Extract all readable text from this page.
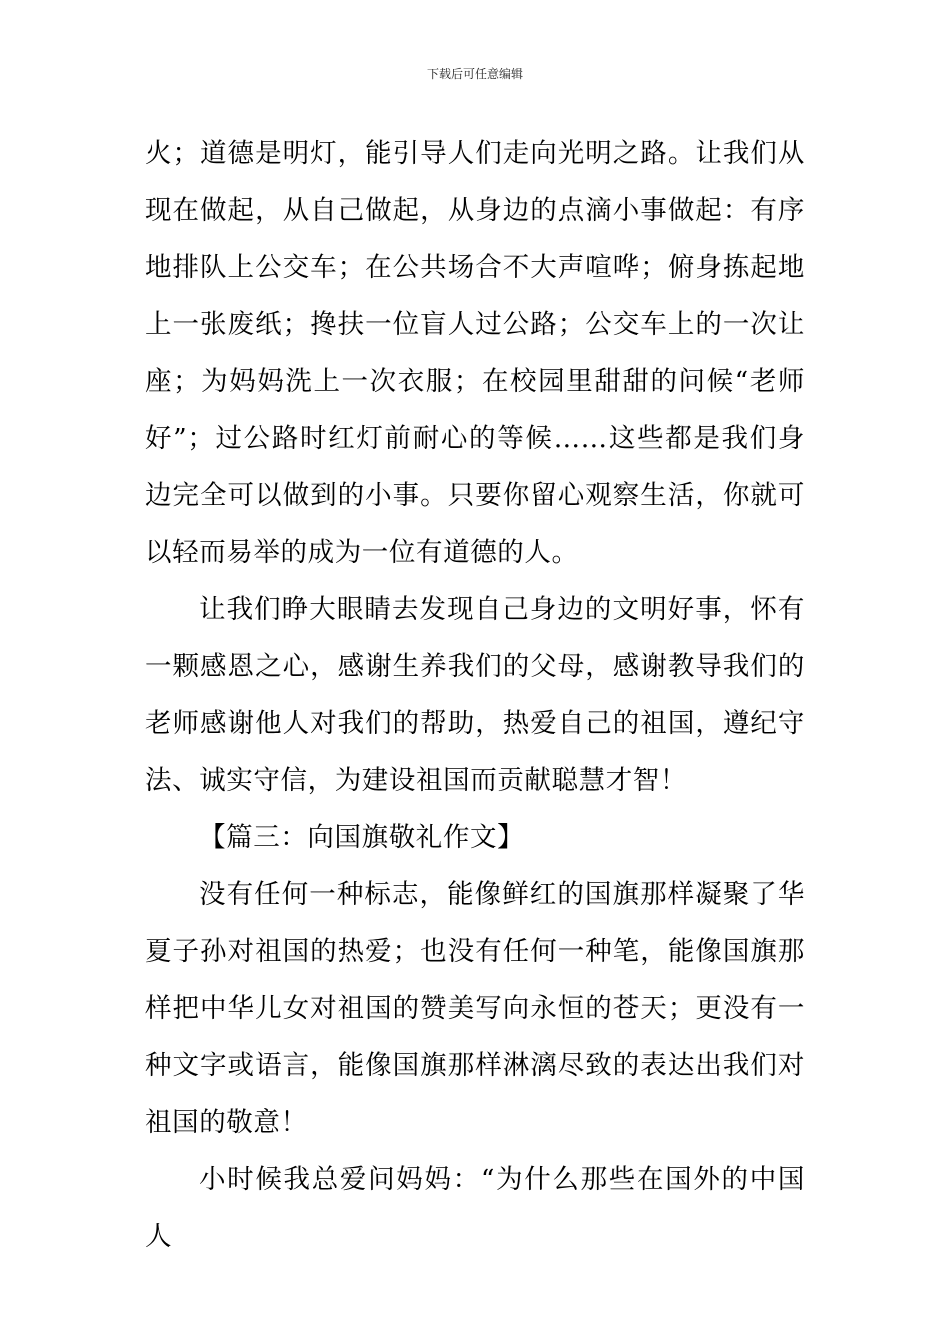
下载后可任意编辑

火；道德是明灯，能引导人们走向光明之路。让我们从现在做起，从自己做起，从身边的点滴小事做起：有序地排队上公交车；在公共场合不大声喧哗；俯身拣起地上一张废纸；搀扶一位盲人过公路；公交车上的一次让座；为妈妈洗上一次衣服；在校园里甜甜的问候“老师好”；过公路时红灯前耐心的等候……这些都是我们身边完全可以做到的小事。只要你留心观察生活，你就可以轻而易举的成为一位有道德的人。

让我们睁大眼睛去发现自己身边的文明好事，怀有一颗感恩之心，感谢生养我们的父母，感谢教导我们的老师感谢他人对我们的帮助，热爱自己的祖国，遵纪守法、诚实守信，为建设祖国而贡献聪慧才智！

【篇三：向国旗敬礼作文】

没有任何一种标志，能像鲜红的国旗那样凝聚了华夏子孙对祖国的热爱；也没有任何一种笔，能像国旗那样把中华儿女对祖国的赞美写向永恒的苍天；更没有一种文字或语言，能像国旗那样淋漓尽致的表达出我们对祖国的敬意！

小时候我总爱问妈妈：“为什么那些在国外的中国人
